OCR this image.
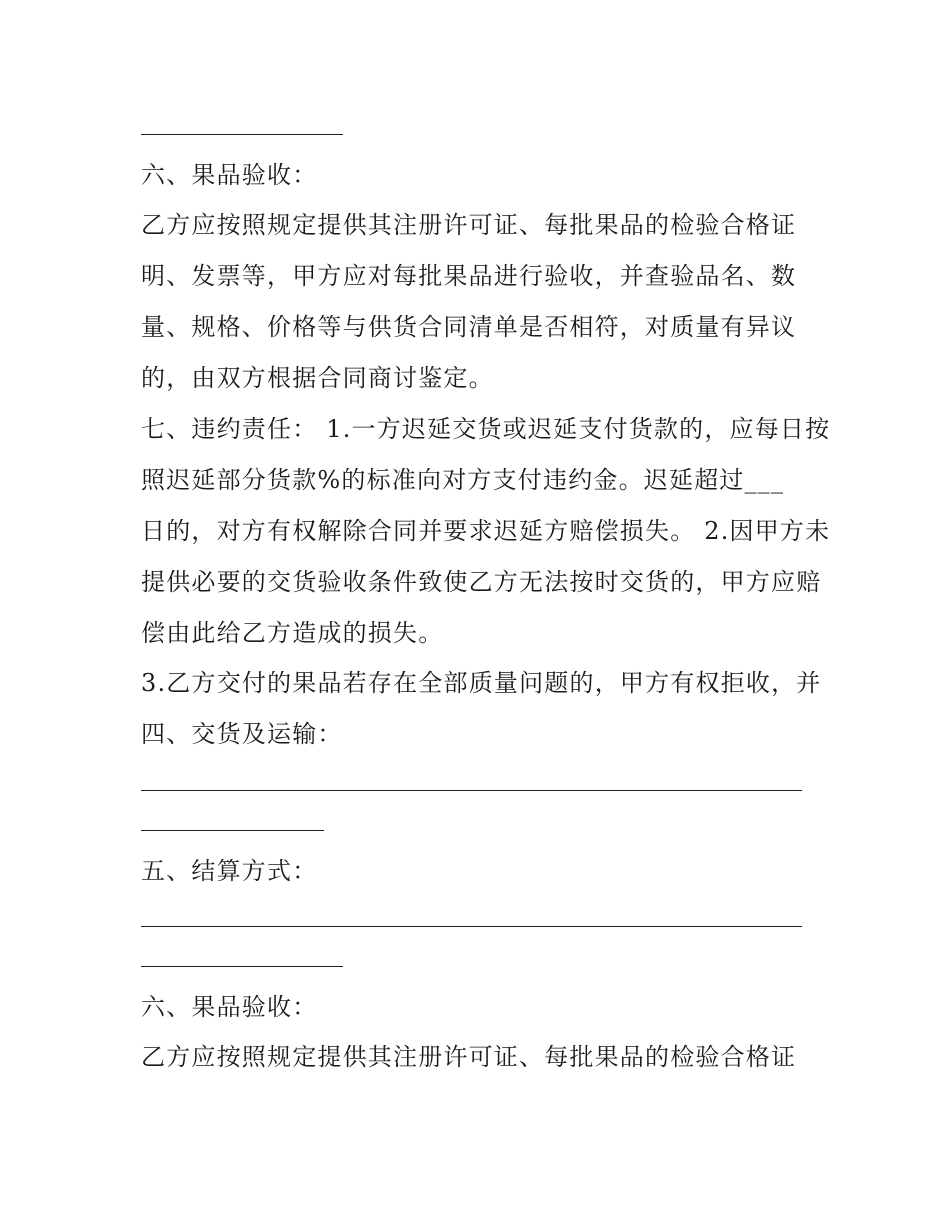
六、果品验收：
乙方应按照规定提供其注册许可证、每批果品的检验合格证
明、发票等，甲方应对每批果品进行验收，并查验品名、数
量、规格、价格等与供货合同清单是否相符，对质量有异议
的，由双方根据合同商讨鉴定。
七、违约责任： 1.一方迟延交货或迟延支付货款的，应每日按
照迟延部分货款%的标准向对方支付违约金。迟延超过___
日的，对方有权解除合同并要求迟延方赔偿损失。 2.因甲方未
提供必要的交货验收条件致使乙方无法按时交货的，甲方应赔
偿由此给乙方造成的损失。
3.乙方交付的果品若存在全部质量问题的，甲方有权拒收，并
四、交货及运输：
五、结算方式：
六、果品验收：
乙方应按照规定提供其注册许可证、每批果品的检验合格证
